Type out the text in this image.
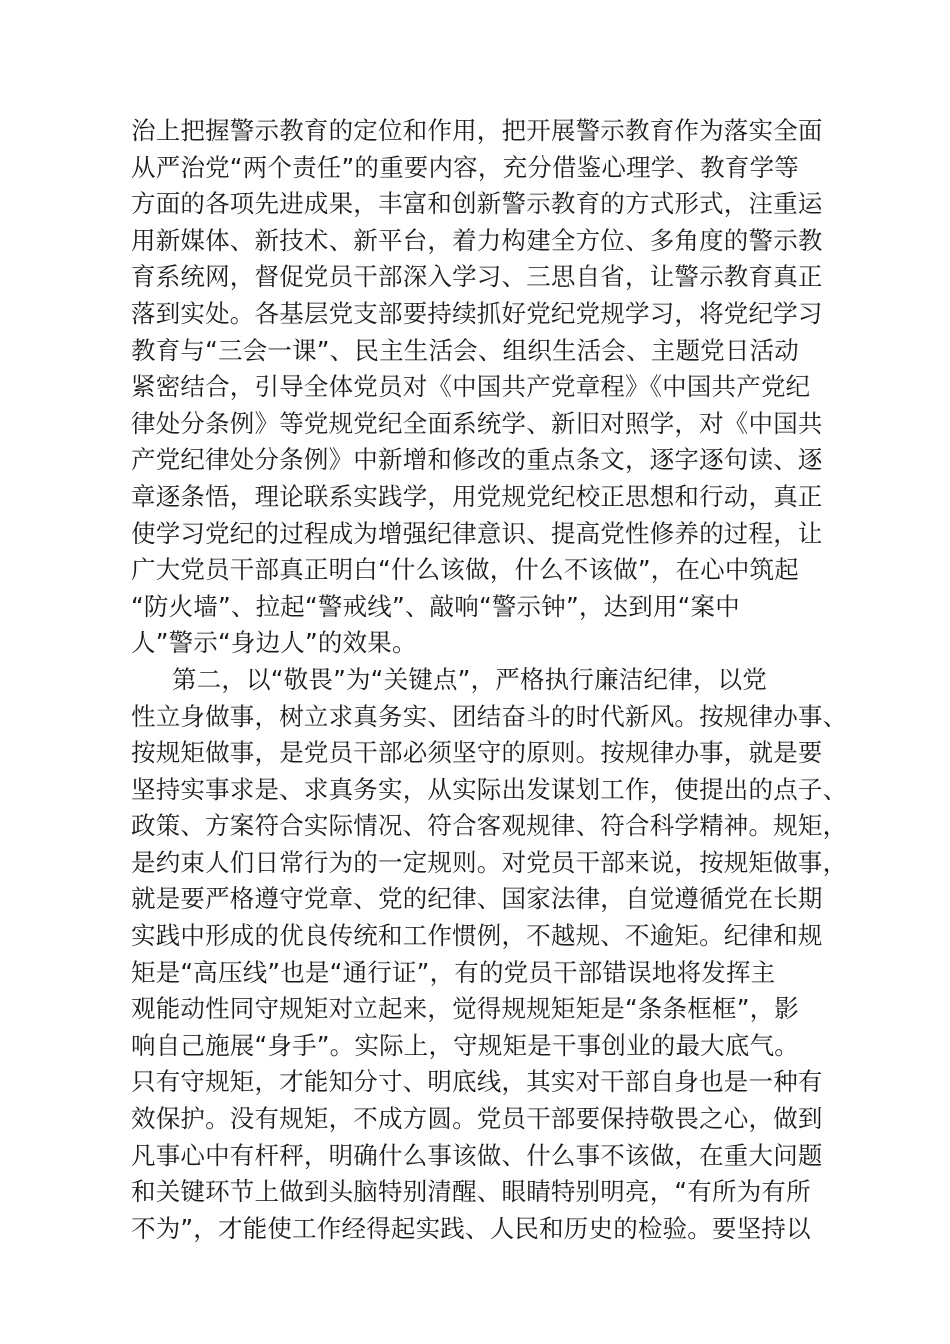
治上把握警示教育的定位和作用，把开展警示教育作为落实全面
从严治党“两个责任”的重要内容，充分借鉴心理学、教育学等
方面的各项先进成果，丰富和创新警示教育的方式形式，注重运
用新媒体、新技术、新平台，着力构建全方位、多角度的警示教
育系统网，督促党员干部深入学习、三思自省，让警示教育真正
落到实处。各基层党支部要持续抓好党纪党规学习，将党纪学习
教育与“三会一课”、民主生活会、组织生活会、主题党日活动
紧密结合，引导全体党员对《中国共产党章程》《中国共产党纪
律处分条例》等党规党纪全面系统学、新旧对照学，对《中国共
产党纪律处分条例》中新增和修改的重点条文，逐字逐句读、逐
章逐条悟，理论联系实践学，用党规党纪校正思想和行动，真正
使学习党纪的过程成为增强纪律意识、提高党性修养的过程，让
广大党员干部真正明白“什么该做，什么不该做”，在心中筑起
“防火墙”、拉起“警戒线”、敲响“警示钟”，达到用“案中
人”警示“身边人”的效果。
第二，以“敬畏”为“关键点”，严格执行廉洁纪律，以党
性立身做事，树立求真务实、团结奋斗的时代新风。按规律办事、
按规矩做事，是党员干部必须坚守的原则。按规律办事，就是要
坚持实事求是、求真务实，从实际出发谋划工作，使提出的点子、
政策、方案符合实际情况、符合客观规律、符合科学精神。规矩，
是约束人们日常行为的一定规则。对党员干部来说，按规矩做事，
就是要严格遵守党章、党的纪律、国家法律，自觉遵循党在长期
实践中形成的优良传统和工作惯例，不越规、不逾矩。纪律和规
矩是“高压线”也是“通行证”，有的党员干部错误地将发挥主
观能动性同守规矩对立起来，觉得规规矩矩是“条条框框”，影
响自己施展“身手”。实际上，守规矩是干事创业的最大底气。
只有守规矩，才能知分寸、明底线，其实对干部自身也是一种有
效保护。没有规矩，不成方圆。党员干部要保持敬畏之心，做到
凡事心中有杆秤，明确什么事该做、什么事不该做，在重大问题
和关键环节上做到头脑特别清醒、眼睛特别明亮，“有所为有所
不为”，才能使工作经得起实践、人民和历史的检验。要坚持以
